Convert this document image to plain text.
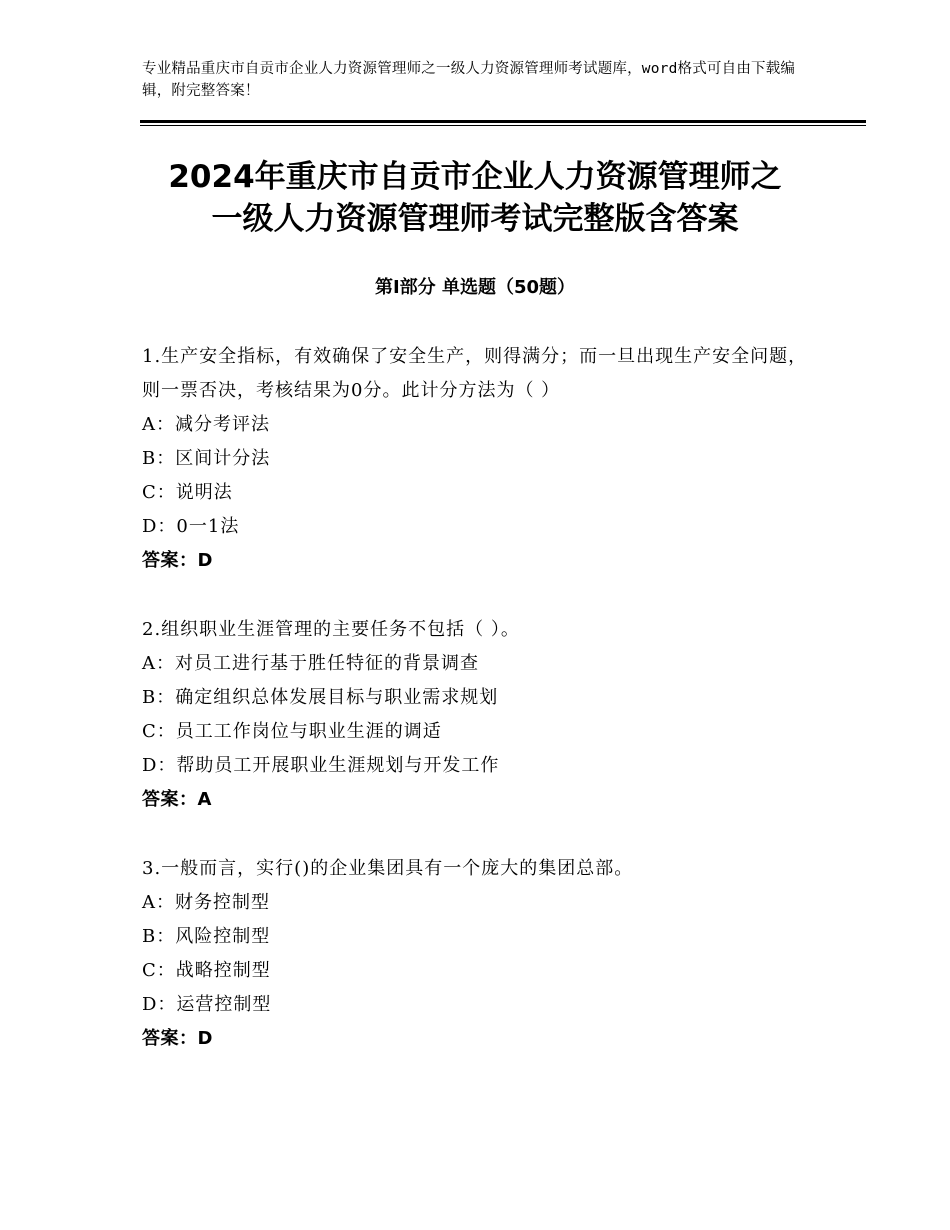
专业精品重庆市自贡市企业人力资源管理师之一级人力资源管理师考试题库，word格式可自由下载编辑，附完整答案！
2024年重庆市自贡市企业人力资源管理师之
一级人力资源管理师考试完整版含答案
第Ⅰ部分 单选题（50题）
1.生产安全指标，有效确保了安全生产，则得满分；而一旦出现生产安全问题，则一票否决，考核结果为0分。此计分方法为（ ）
A：减分考评法
B：区间计分法
C：说明法
D：0一1法
答案：D
2.组织职业生涯管理的主要任务不包括（ ）。
A：对员工进行基于胜任特征的背景调查
B：确定组织总体发展目标与职业需求规划
C：员工工作岗位与职业生涯的调适
D：帮助员工开展职业生涯规划与开发工作
答案：A
3.一般而言，实行()的企业集团具有一个庞大的集团总部。
A：财务控制型
B：风险控制型
C：战略控制型
D：运营控制型
答案：D
